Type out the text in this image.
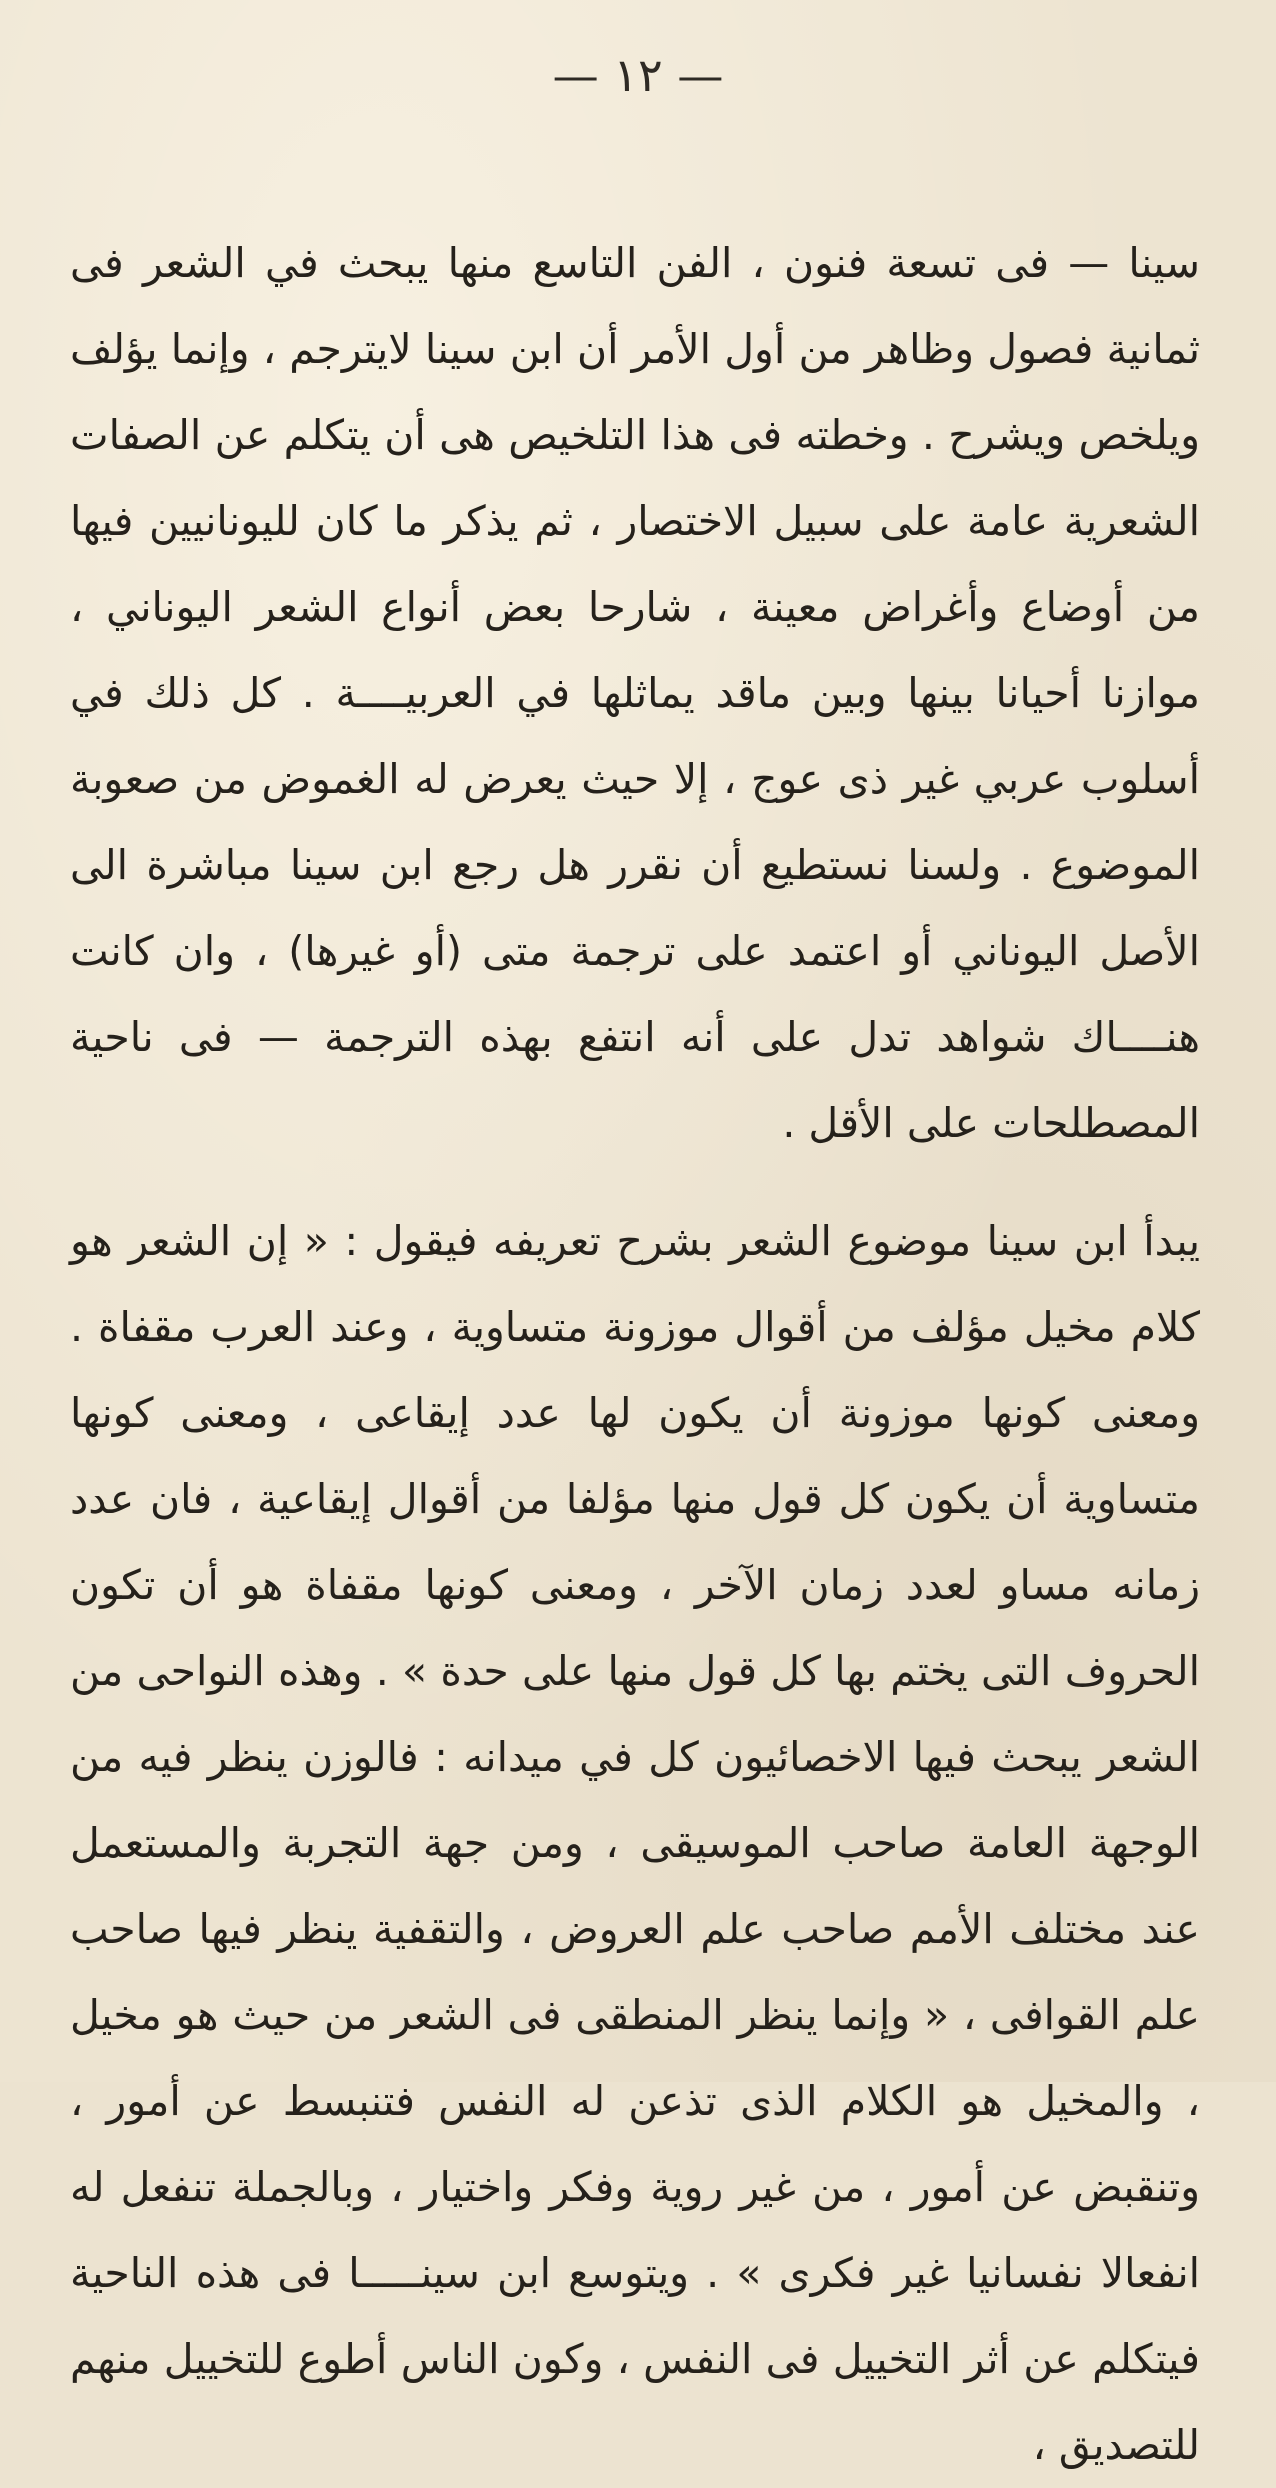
— ١٢ —

سينا — فى تسعة فنون ، الفن التاسع منها يبحث في الشعر فى ثمانية فصول وظاهر من أول الأمر أن ابن سينا لايترجم ، وإنما يؤلف ويلخص ويشرح . وخطته فى هذا التلخيص هى أن يتكلم عن الصفات الشعرية عامة على سبيل الاختصار ، ثم يذكر ما كان لليونانيين فيها من أوضاع وأغراض معينة ، شارحا بعض أنواع الشعر اليوناني ، موازنا أحيانا بينها وبين ماقد يماثلها في العربيــــة . كل ذلك في أسلوب عربي غير ذى عوج ، إلا حيث يعرض له الغموض من صعوبة الموضوع . ولسنا نستطيع أن نقرر هل رجع ابن سينا مباشرة الى الأصل اليوناني أو اعتمد على ترجمة متى (أو غيرها) ، وان كانت هنــــاك شواهد تدل على أنه انتفع بهذه الترجمة — فى ناحية المصطلحات على الأقل .

يبدأ ابن سينا موضوع الشعر بشرح تعريفه فيقول : « إن الشعر هو كلام مخيل مؤلف من أقوال موزونة متساوية ، وعند العرب مقفاة . ومعنى كونها موزونة أن يكون لها عدد إيقاعى ، ومعنى كونها متساوية أن يكون كل قول منها مؤلفا من أقوال إيقاعية ، فان عدد زمانه مساو لعدد زمان الآخر ، ومعنى كونها مقفاة هو أن تكون الحروف التى يختم بها كل قول منها على حدة » . وهذه النواحى من الشعر يبحث فيها الاخصائيون كل في ميدانه : فالوزن ينظر فيه من الوجهة العامة صاحب الموسيقى ، ومن جهة التجربة والمستعمل عند مختلف الأمم صاحب علم العروض ، والتقفية ينظر فيها صاحب علم القوافى ، « وإنما ينظر المنطقى فى الشعر من حيث هو مخيل ، والمخيل هو الكلام الذى تذعن له النفس فتنبسط عن أمور ، وتنقبض عن أمور ، من غير روية وفكر واختيار ، وبالجملة تنفعل له انفعالا نفسانيا غير فكرى » . ويتوسع ابن سينـــــا فى هذه الناحية فيتكلم عن أثر التخييل فى النفس ، وكون الناس أطوع للتخييل منهم للتصديق ،
